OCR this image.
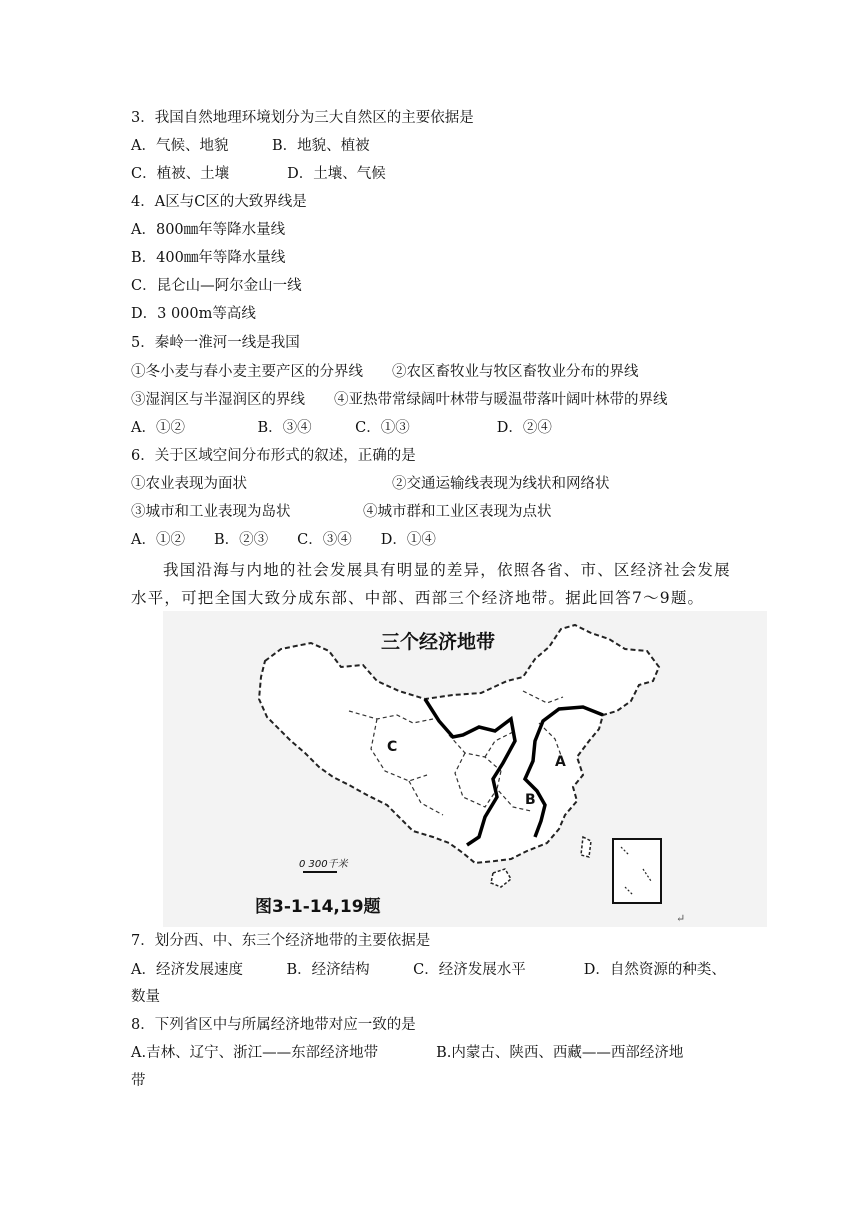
3．我国自然地理环境划分为三大自然区的主要依据是
A．气候、地貌　　　B．地貌、植被
C．植被、土壤　　　　D．土壤、气候
4．A区与C区的大致界线是
A．800㎜年等降水量线
B．400㎜年等降水量线
C．昆仑山—阿尔金山一线
D．3 000m等高线
5．秦岭一淮河一线是我国
①冬小麦与春小麦主要产区的分界线　　②农区畜牧业与牧区畜牧业分布的界线
③湿润区与半湿润区的界线　　④亚热带常绿阔叶林带与暖温带落叶阔叶林带的界线
A．①②　　　　　B．③④　　　C．①③　　　　　　D．②④
6．关于区域空间分布形式的叙述，正确的是
①农业表现为面状　　　　　　　　　　②交通运输线表现为线状和网络状
③城市和工业表现为岛状　　　　　④城市群和工业区表现为点状
A．①②　　B．②③　　C．③④　　D．①④
我国沿海与内地的社会发展具有明显的差异，依照各省、市、区经济社会发展水平，可把全国大致分成东部、中部、西部三个经济地带。据此回答7～9题。
三个经济地带
C
B
A
0 300千米
图3-1-14,19题
↵
7．划分西、中、东三个经济地带的主要依据是
A．经济发展速度　　　B．经济结构　　　C．经济发展水平　　　　D．自然资源的种类、
数量
8．下列省区中与所属经济地带对应一致的是
A.吉林、辽宁、浙江——东部经济地带　　　　B.内蒙古、陕西、西藏——西部经济地
带
